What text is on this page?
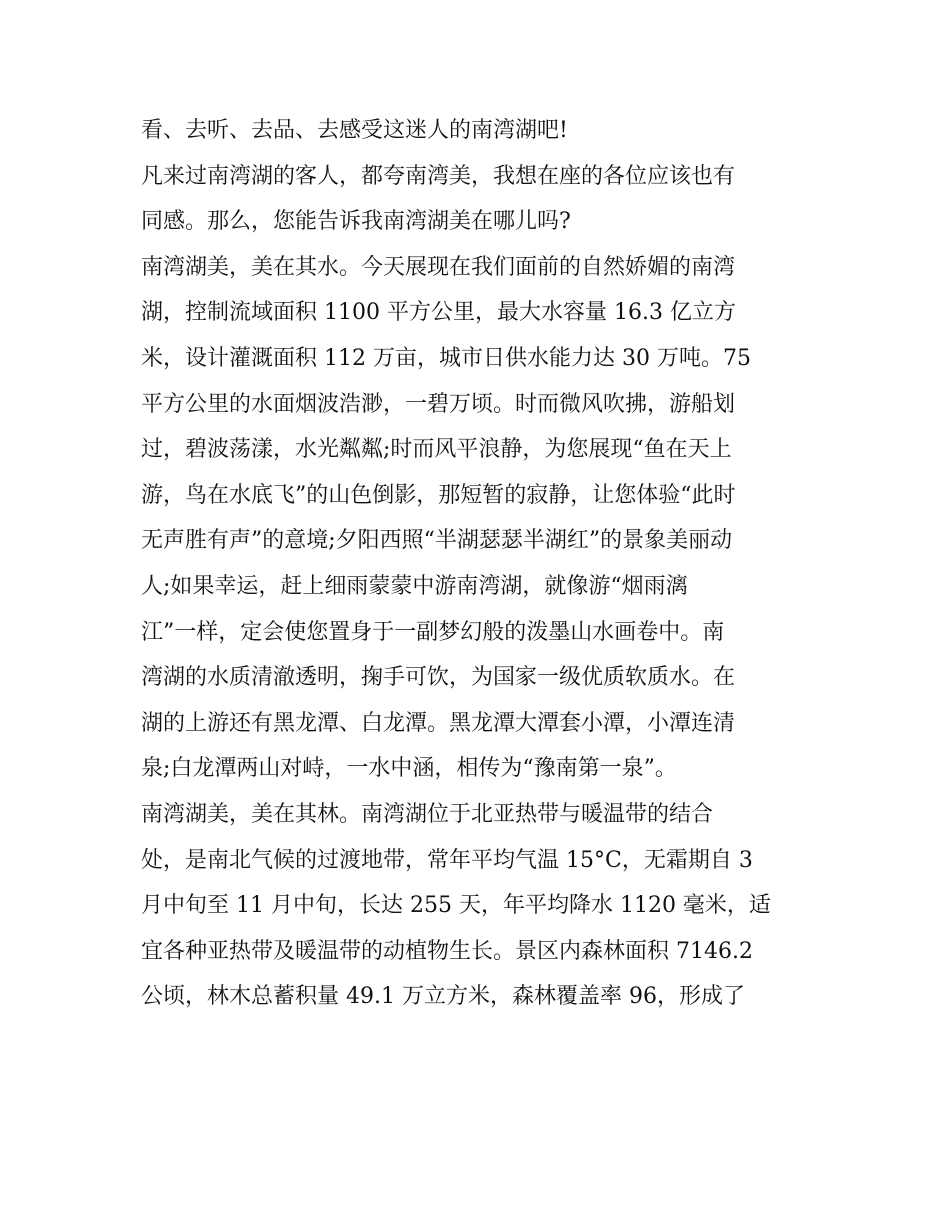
看、去听、去品、去感受这迷人的南湾湖吧!
凡来过南湾湖的客人，都夸南湾美，我想在座的各位应该也有
同感。那么，您能告诉我南湾湖美在哪儿吗?
南湾湖美，美在其水。今天展现在我们面前的自然娇媚的南湾
湖，控制流域面积 1100 平方公里，最大水容量 16.3 亿立方
米，设计灌溉面积 112 万亩，城市日供水能力达 30 万吨。75
平方公里的水面烟波浩渺，一碧万顷。时而微风吹拂，游船划
过，碧波荡漾，水光粼粼;时而风平浪静，为您展现“鱼在天上
游，鸟在水底飞”的山色倒影，那短暂的寂静，让您体验“此时
无声胜有声”的意境;夕阳西照“半湖瑟瑟半湖红”的景象美丽动
人;如果幸运，赶上细雨蒙蒙中游南湾湖，就像游“烟雨漓
江”一样，定会使您置身于一副梦幻般的泼墨山水画卷中。南
湾湖的水质清澈透明，掬手可饮，为国家一级优质软质水。在
湖的上游还有黑龙潭、白龙潭。黑龙潭大潭套小潭，小潭连清
泉;白龙潭两山对峙，一水中涵，相传为“豫南第一泉”。
南湾湖美，美在其林。南湾湖位于北亚热带与暖温带的结合
处，是南北气候的过渡地带，常年平均气温 15°C，无霜期自 3
月中旬至 11 月中旬，长达 255 天，年平均降水 1120 毫米，适
宜各种亚热带及暖温带的动植物生长。景区内森林面积 7146.2
公顷，林木总蓄积量 49.1 万立方米，森林覆盖率 96，形成了
